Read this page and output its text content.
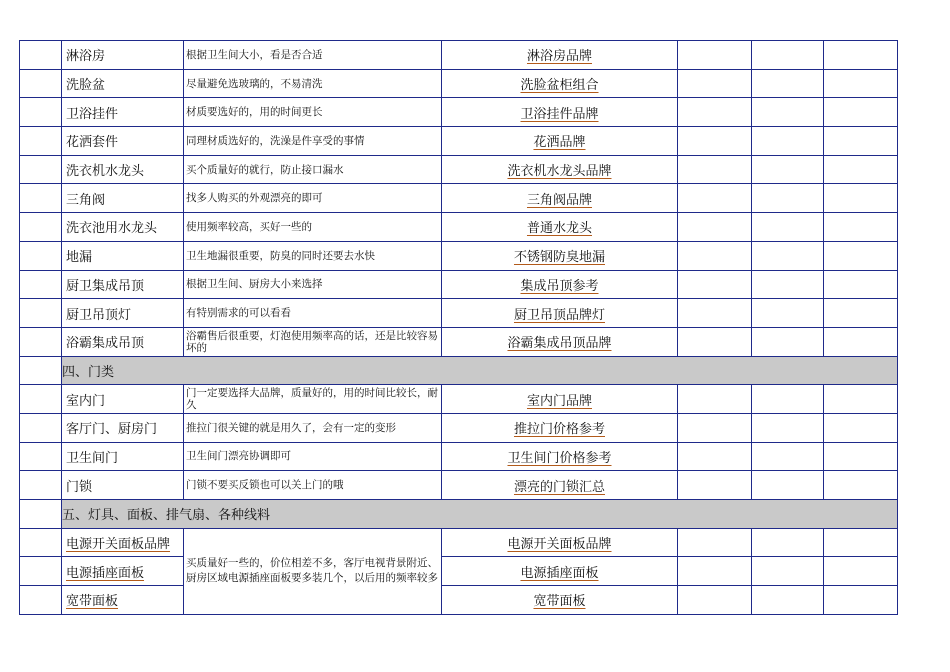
	淋浴房	根据卫生间大小，看是否合适	淋浴房品牌			
	洗脸盆	尽量避免选玻璃的，不易清洗	洗脸盆柜组合			
	卫浴挂件	材质要选好的，用的时间更长	卫浴挂件品牌			
	花洒套件	同理材质选好的，洗澡是件享受的事情	花洒品牌			
	洗衣机水龙头	买个质量好的就行，防止接口漏水	洗衣机水龙头品牌			
	三角阀	找多人购买的外观漂亮的即可	三角阀品牌			
	洗衣池用水龙头	使用频率较高，买好一些的	普通水龙头			
	地漏	卫生地漏很重要，防臭的同时还要去水快	不锈钢防臭地漏			
	厨卫集成吊顶	根据卫生间、厨房大小来选择	集成吊顶参考			
	厨卫吊顶灯	有特别需求的可以看看	厨卫吊顶品牌灯			
	浴霸集成吊顶	浴霸售后很重要，灯泡使用频率高的话，还是比较容易坏的	浴霸集成吊顶品牌			
	四、门类					
	室内门	门一定要选择大品牌，质量好的，用的时间比较长，耐久	室内门品牌			
	客厅门、厨房门	推拉门很关键的就是用久了，会有一定的变形	推拉门价格参考			
	卫生间门	卫生间门漂亮协调即可	卫生间门价格参考			
	门锁	门锁不要买反锁也可以关上门的哦	漂亮的门锁汇总			
	五、灯具、面板、排气扇、各种线料					
	电源开关面板品牌	买质量好一些的，价位相差不多，客厅电视背景附近、厨房区域电源插座面板要多装几个，以后用的频率较多	电源开关面板品牌			
	电源插座面板		电源插座面板			
	宽带面板		宽带面板			
